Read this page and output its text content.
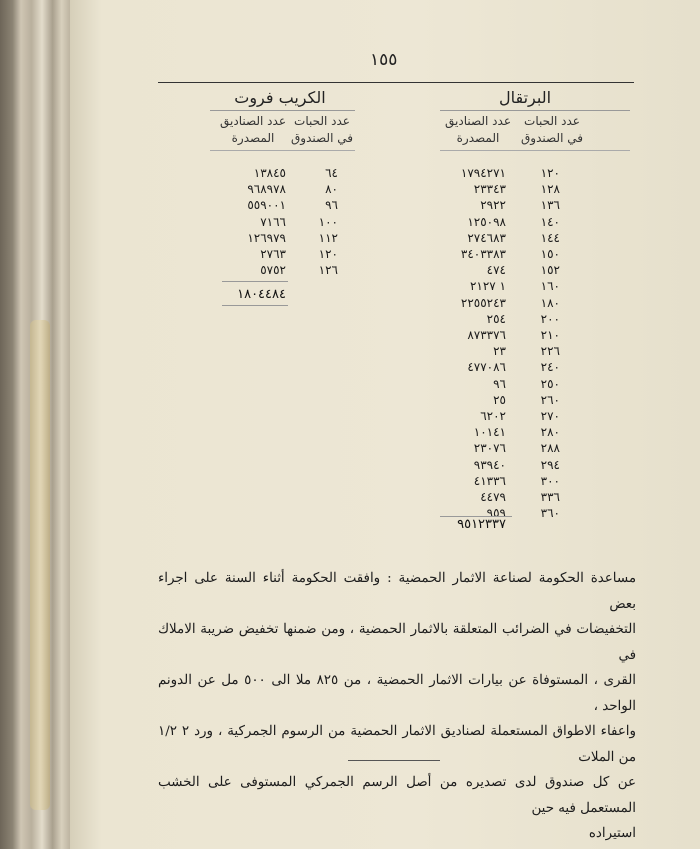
١٥٥
البرتقال
عدد الحبات
في الصندوق
عدد الصناديق
المصدرة
١٢٠
١٧٩٤٢٧١
١٢٨
٢٣٣٤٣
١٣٦
٢٩٢٢
١٤٠
١٢٥٠٩٨
١٤٤
٢٧٤٦٨٣
١٥٠
٣٤٠٣٣٨٣
١٥٢
٤٧٤
١٦٠
١ ٢١٢٧
١٨٠
٢٢٥٥٢٤٣
٢٠٠
٢٥٤
٢١٠
٨٧٣٣٧٦
٢٢٦
٢٣
٢٤٠
٤٧٧٠٨٦
٢٥٠
٩٦
٢٦٠
٢٥
٢٧٠
٦٢٠٢
٢٨٠
١٠١٤١
٢٨٨
٢٣٠٧٦
٢٩٤
٩٣٩٤٠
٣٠٠
٤١٣٣٦
٣٣٦
٤٤٧٩
٣٦٠
٩٥٩
٩٥١٢٣٣٧
الكريب فروت
عدد الحبات
في الصندوق
عدد الصناديق
المصدرة
٦٤
١٣٨٤٥
٨٠
٩٦٨٩٧٨
٩٦
٥٥٩٠٠١
١٠٠
٧١٦٦
١١٢
١٢٦٩٧٩
١٢٠
٢٧٦٣
١٢٦
٥٧٥٢
١٨٠٤٤٨٤
مساعدة الحكومة لصناعة الاثمار الحمضية : وافقت الحكومة أثناء السنة على اجراء بعض
التخفيضات في الضرائب المتعلقة بالاثمار الحمضية ، ومن ضمنها تخفيض ضريبة الاملاك في
القرى ، المستوفاة عن بيارات الاثمار الحمضية ، من ٨٢٥ ملا الى ٥٠٠ مل عن الدونم الواحد ،
واعفاء الاطواق المستعملة لصناديق الاثمار الحمضية من الرسوم الجمركية ، ورد ٢ ١/٢ من الملات
عن كل صندوق لدى تصديره من أصل الرسم الجمركي المستوفى على الخشب المستعمل فيه حين
استيراده
